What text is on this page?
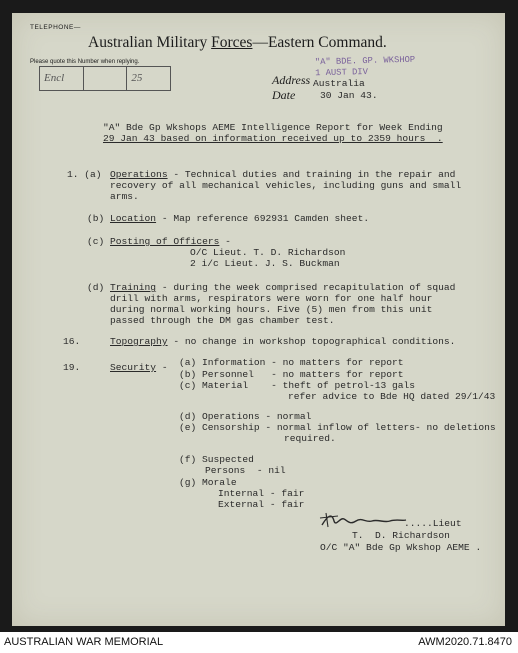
TELEPHONE—
Australian Military Forces—Eastern Command.
Please quote this Number when replying.
Encl	25	Address
Date
Australia
30 Jan 43.
"A" BDE. GP. WKSHOP
1 AUST DIV
"A" Bde Gp Wkshops AEME Intelligence Report for Week Ending
29 Jan 43 based on information received up to 2359 hours  .
1. (a) Operations - Technical duties and training in the repair and
recovery of all mechanical vehicles, including guns and small
arms.
(b) Location - Map reference 692931 Camden sheet.
(c) Posting of Officers -
O/C Lieut. T. D. Richardson
2 i/c Lieut. J. S. Buckman
(d) Training - during the week comprised recapitulation of squad
drill with arms, respirators were worn for one half hour
during normal working hours. Five (5) men from this unit
passed through the DM gas chamber test.
16.	Topography - no change in workshop topographical conditions.
19.	Security - (a) Information - no matters for report
(b) Personnel   - no matters for report
(c) Material    - theft of petrol-13 gals
refer advice to Bde HQ dated 29/1/43
(d) Operations - normal
(e) Censorship - normal inflow of letters- no deletions
required.
(f) Suspected
Persons  - nil
(g) Morale
Internal - fair
External - fair
.....Lieut
T.  D. Richardson
O/C "A" Bde Gp Wkshop AEME .
AUSTRALIAN WAR MEMORIAL	AWM2020.71.8470
